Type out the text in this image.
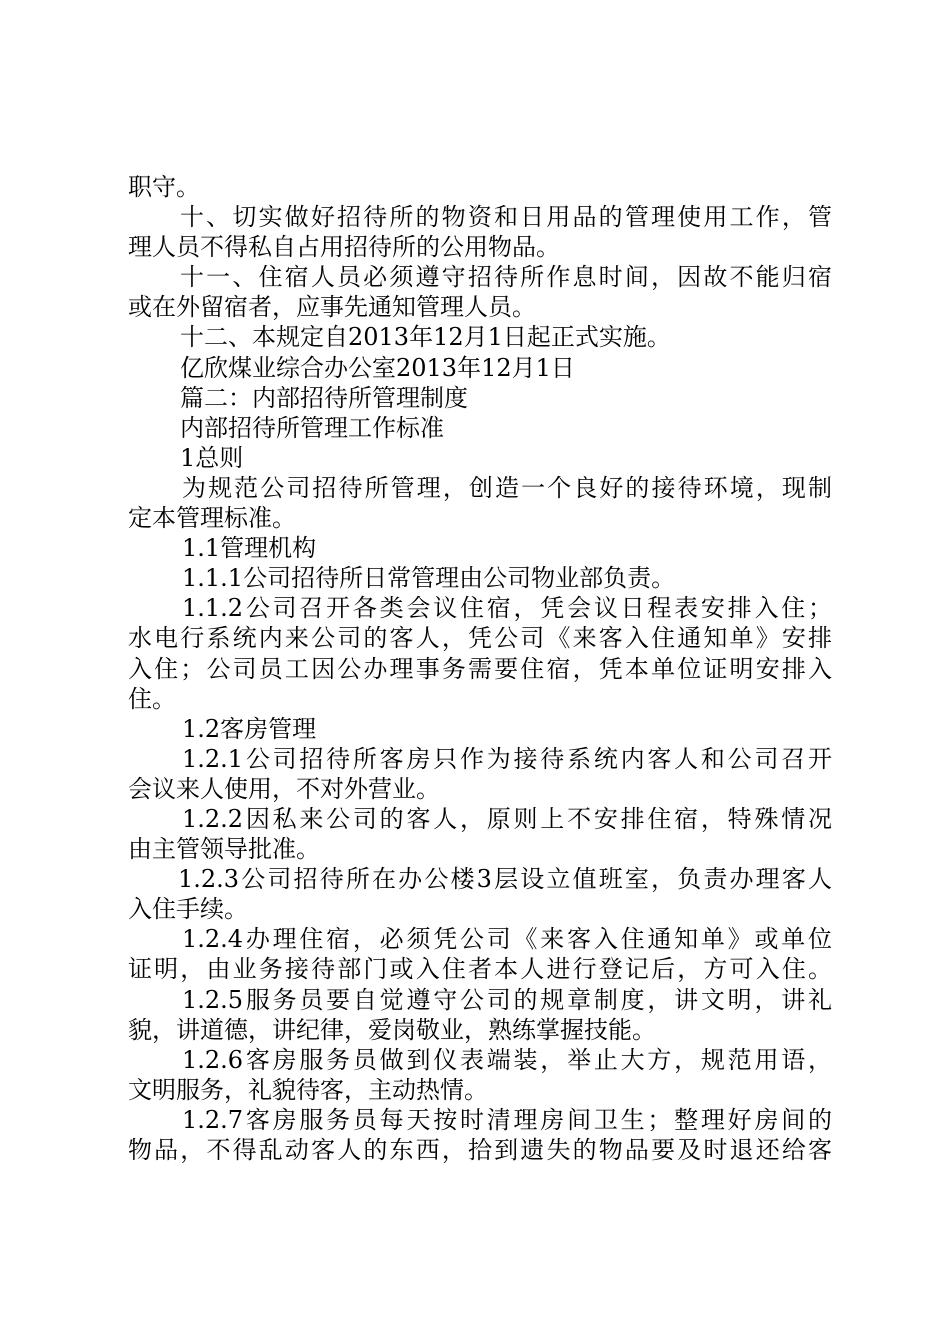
职守。
十、切实做好招待所的物资和日用品的管理使用工作，管
理人员不得私自占用招待所的公用物品。
十一、住宿人员必须遵守招待所作息时间，因故不能归宿
或在外留宿者，应事先通知管理人员。
十二、本规定自2013年12月1日起正式实施。
亿欣煤业综合办公室2013年12月1日
篇二：内部招待所管理制度
内部招待所管理工作标准
1总则
为规范公司招待所管理，创造一个良好的接待环境，现制
定本管理标准。
1.1管理机构
1.1.1公司招待所日常管理由公司物业部负责。
1.1.2公司召开各类会议住宿，凭会议日程表安排入住；
水电行系统内来公司的客人，凭公司《来客入住通知单》安排
入住；公司员工因公办理事务需要住宿，凭本单位证明安排入
住。
1.2客房管理
1.2.1公司招待所客房只作为接待系统内客人和公司召开
会议来人使用，不对外营业。
1.2.2因私来公司的客人，原则上不安排住宿，特殊情况
由主管领导批准。
1.2.3公司招待所在办公楼3层设立值班室，负责办理客人
入住手续。
1.2.4办理住宿，必须凭公司《来客入住通知单》或单位
证明，由业务接待部门或入住者本人进行登记后，方可入住。
1.2.5服务员要自觉遵守公司的规章制度，讲文明，讲礼
貌，讲道德，讲纪律，爱岗敬业，熟练掌握技能。
1.2.6客房服务员做到仪表端装，举止大方，规范用语，
文明服务，礼貌待客，主动热情。
1.2.7客房服务员每天按时清理房间卫生；整理好房间的
物品，不得乱动客人的东西，拾到遗失的物品要及时退还给客
